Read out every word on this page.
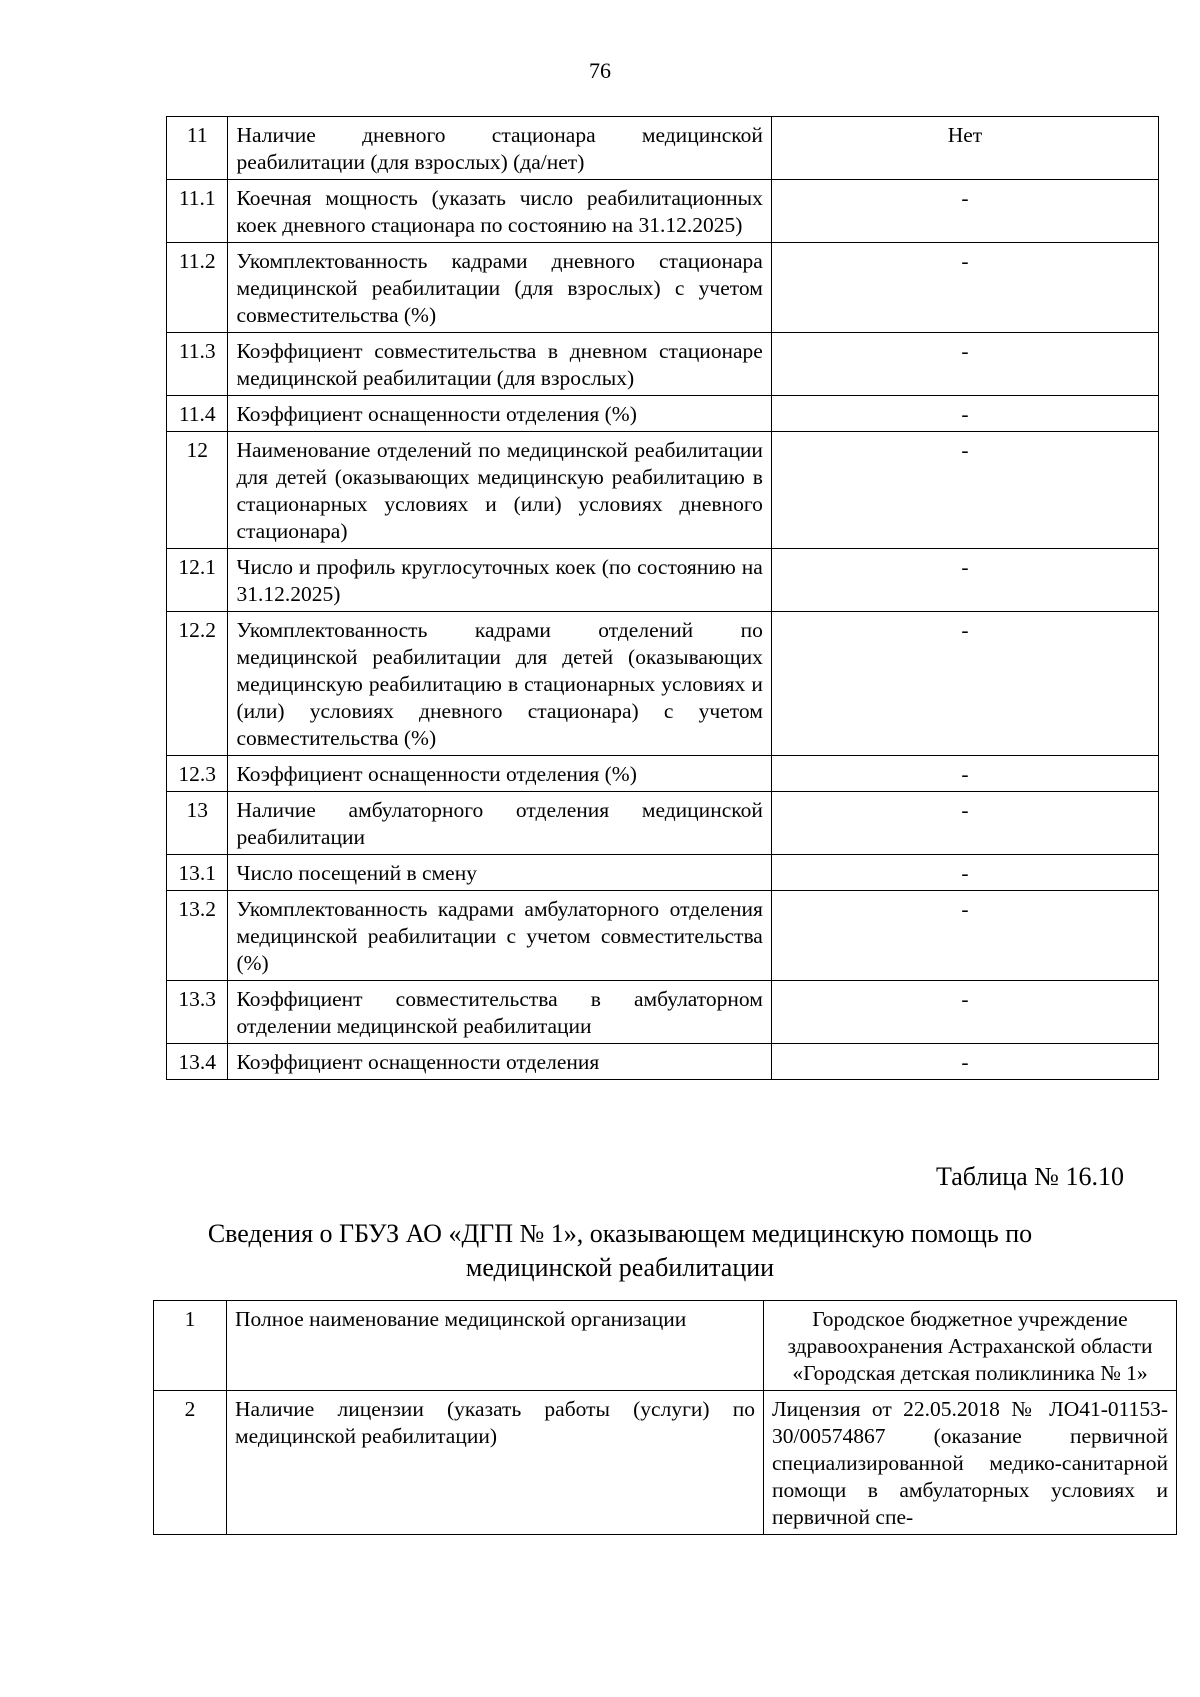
76
11	Наличие дневного стационара медицинской реабилитации (для взрослых) (да/нет)	Нет
11.1	Коечная мощность (указать число реабилитационных коек дневного стационара по состоянию на 31.12.2025)	-
11.2	Укомплектованность кадрами дневного стационара медицинской реабилитации (для взрослых) с учетом совместительства (%)	-
11.3	Коэффициент совместительства в дневном стационаре медицинской реабилитации (для взрослых)	-
11.4	Коэффициент оснащенности отделения (%)	-
12	Наименование отделений по медицинской реабилитации для детей (оказывающих медицинскую реабилитацию в стационарных условиях и (или) условиях дневного стационара)	-
12.1	Число и профиль круглосуточных коек (по состоянию на 31.12.2025)	-
12.2	Укомплектованность кадрами отделений по медицинской реабилитации для детей (оказывающих медицинскую реабилитацию в стационарных условиях и (или) условиях дневного стационара) с учетом совместительства (%)	-
12.3	Коэффициент оснащенности отделения (%)	-
13	Наличие амбулаторного отделения медицинской реабилитации	-
13.1	Число посещений в смену	-
13.2	Укомплектованность кадрами амбулаторного отделения медицинской реабилитации с учетом совместительства (%)	-
13.3	Коэффициент совместительства в амбулаторном отделении медицинской реабилитации	-
13.4	Коэффициент оснащенности отделения	-
Таблица № 16.10
Сведения о ГБУЗ АО «ДГП № 1», оказывающем медицинскую помощь по медицинской реабилитации
1	Полное наименование медицинской организации	Городское бюджетное учреждение здравоохранения Астраханской области «Городская детская поликлиника № 1»
2	Наличие лицензии (указать работы (услуги) по медицинской реабилитации)	Лицензия от 22.05.2018 № ЛО41-01153-30/00574867 (оказание первичной специализированной медико-санитарной помощи в амбулаторных условиях и первичной спе-
